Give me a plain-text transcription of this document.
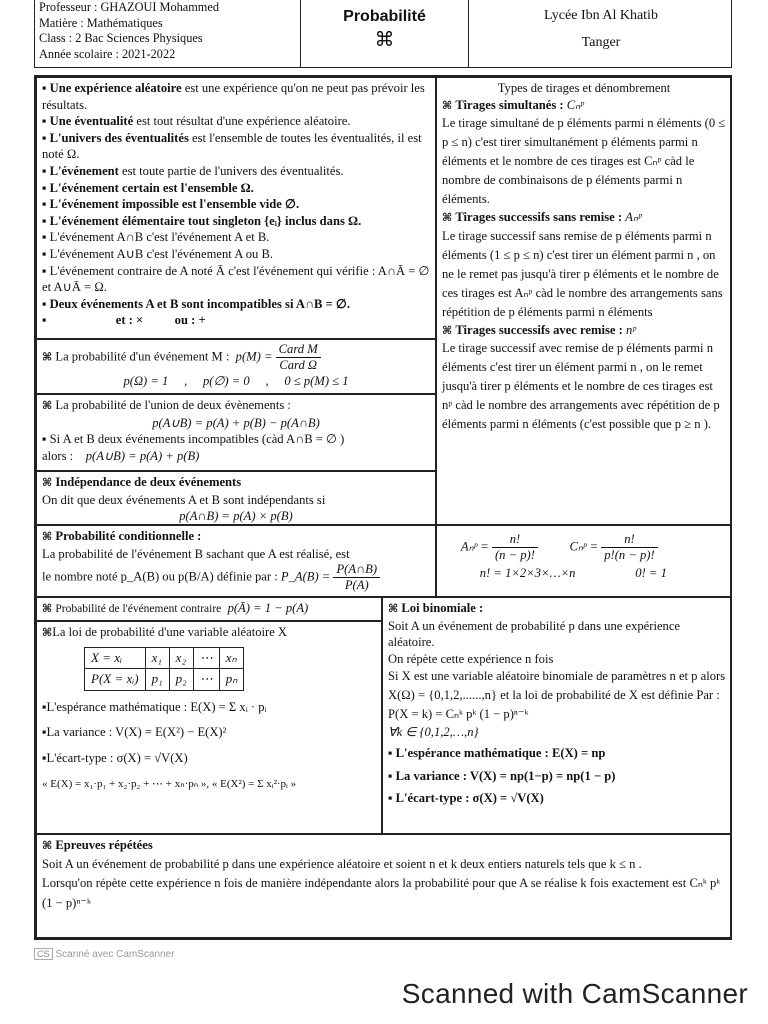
Professeur : GHAZOUI Mohammed
Matière : Mathématiques
Class : 2 Bac Sciences Physiques
Année scolaire : 2021-2022
Probabilité
⌘
Lycée Ibn Al Khatib
Tanger
▪ Une expérience aléatoire est une expérience qu'on ne peut pas prévoir les résultats.
▪ Une éventualité est tout résultat d'une expérience aléatoire.
▪ L'univers des éventualités est l'ensemble de toutes les éventualités, il est noté Ω.
▪ L'événement est toute partie de l'univers des éventualités.
▪ L'événement certain est l'ensemble Ω.
▪ L'événement impossible est l'ensemble vide ∅.
▪ L'événement élémentaire tout singleton {eᵢ} inclus dans Ω.
▪ L'événement A∩B c'est l'événement A et B.
▪ L'événement A∪B c'est l'événement A ou B.
▪ L'événement contraire de A noté Ā c'est l'événement qui vérifie : A∩Ā = ∅ et A∪Ā = Ω.
▪ Deux événements A et B sont incompatibles si A∩B = ∅.
▪                      et : ×          ou : +
⌘ La probabilité d'un événement M : $p(M) = \frac{\text{Card M}}{\text{Card Ω}}$
p(Ω) = 1     ,     p(∅) = 0     ,     0 ≤ p(M) ≤ 1
⌘ La probabilité de l'union de deux évènements :
p(A∪B) = p(A) + p(B) − p(A∩B)
▪ Si A et B deux événements incompatibles (càd A∩B = ∅ )
alors : p(A∪B) = p(A) + p(B)
⌘ Indépendance de deux événements
On dit que deux événements A et B sont indépendants si
p(A∩B) = p(A) × p(B)
Types de tirages et dénombrement
⌘ Tirages simultanés : Cₙᵖ
Le tirage simultané de p éléments parmi n éléments (0 ≤ p ≤ n) c'est tirer simultanément p éléments parmi n éléments et le nombre de ces tirages est Cₙᵖ càd le nombre de combinaisons de p éléments parmi n éléments.
⌘ Tirages successifs sans remise : Aₙᵖ
Le tirage successif sans remise de p éléments parmi n éléments (1 ≤ p ≤ n) c'est tirer un élément parmi n , on ne le remet pas jusqu'à tirer p éléments et le nombre de ces tirages est Aₙᵖ càd le nombre des arrangements sans répétition de p éléments parmi n éléments
⌘ Tirages successifs avec remise : nᵖ
Le tirage successif avec remise de p éléments parmi n éléments c'est tirer un élément parmi n , on le remet jusqu'à tirer p éléments et le nombre de ces tirages est nᵖ càd le nombre des arrangements avec répétition de p éléments parmi n éléments (c'est possible que p ≥ n ).
⌘ Probabilité conditionnelle :
La probabilité de l'événement B sachant que A est réalisé, est
le nombre noté p_A(B) ou p(B/A) définie par : P_A(B) = $\frac{P(A\cap B)}{P(A)}$
Aₙᵖ = $\frac{n!}{(n - p)!}$ Cₙᵖ = $\frac{n!}{p!(n - p)!}$
n! = 1×2×3×…×n	0! = 1
⌘ Probabilité de l'événement contraire p(Ā) = 1 − p(A)
⌘La loi de probabilité d'une variable aléatoire X
X = xᵢ	x₁	x₂	⋯	xₙ
P(X = xᵢ)	p₁	p₂	⋯	pₙ
▪L'espérance mathématique : E(X) = Σ xᵢ · pᵢ
▪La variance : V(X) = E(X²) − E(X)²
▪L'écart-type : σ(X) = √V(X)
« E(X) = x₁·p₁ + x₂·p₂ + ⋯ + xₙ·pₙ », « E(X²) = Σ xᵢ²·pᵢ »
⌘ Loi binomiale :
Soit A un événement de probabilité p dans une expérience aléatoire.
On répète cette expérience n fois
Si X est une variable aléatoire binomiale de paramètres n et p alors X(Ω) = {0,1,2,......,n} et la loi de probabilité de X est définie Par : P(X = k) = Cₙᵏ pᵏ (1 − p)ⁿ⁻ᵏ
∀k ∈ {0,1,2,…,n}
▪ L'espérance mathématique : E(X) = np
▪ La variance : V(X) = np(1−p) = np(1 − p)
▪ L'écart-type : σ(X) = √V(X)
⌘ Epreuves répétées
Soit A un événement de probabilité p dans une expérience aléatoire et soient n et k deux entiers naturels tels que k ≤ n .
Lorsqu'on répète cette expérience n fois de manière indépendante alors la probabilité pour que A se réalise k fois exactement est Cₙᵏ pᵏ (1 − p)ⁿ⁻ᵏ
CS Scanné avec CamScanner
Scanned with CamScanner
